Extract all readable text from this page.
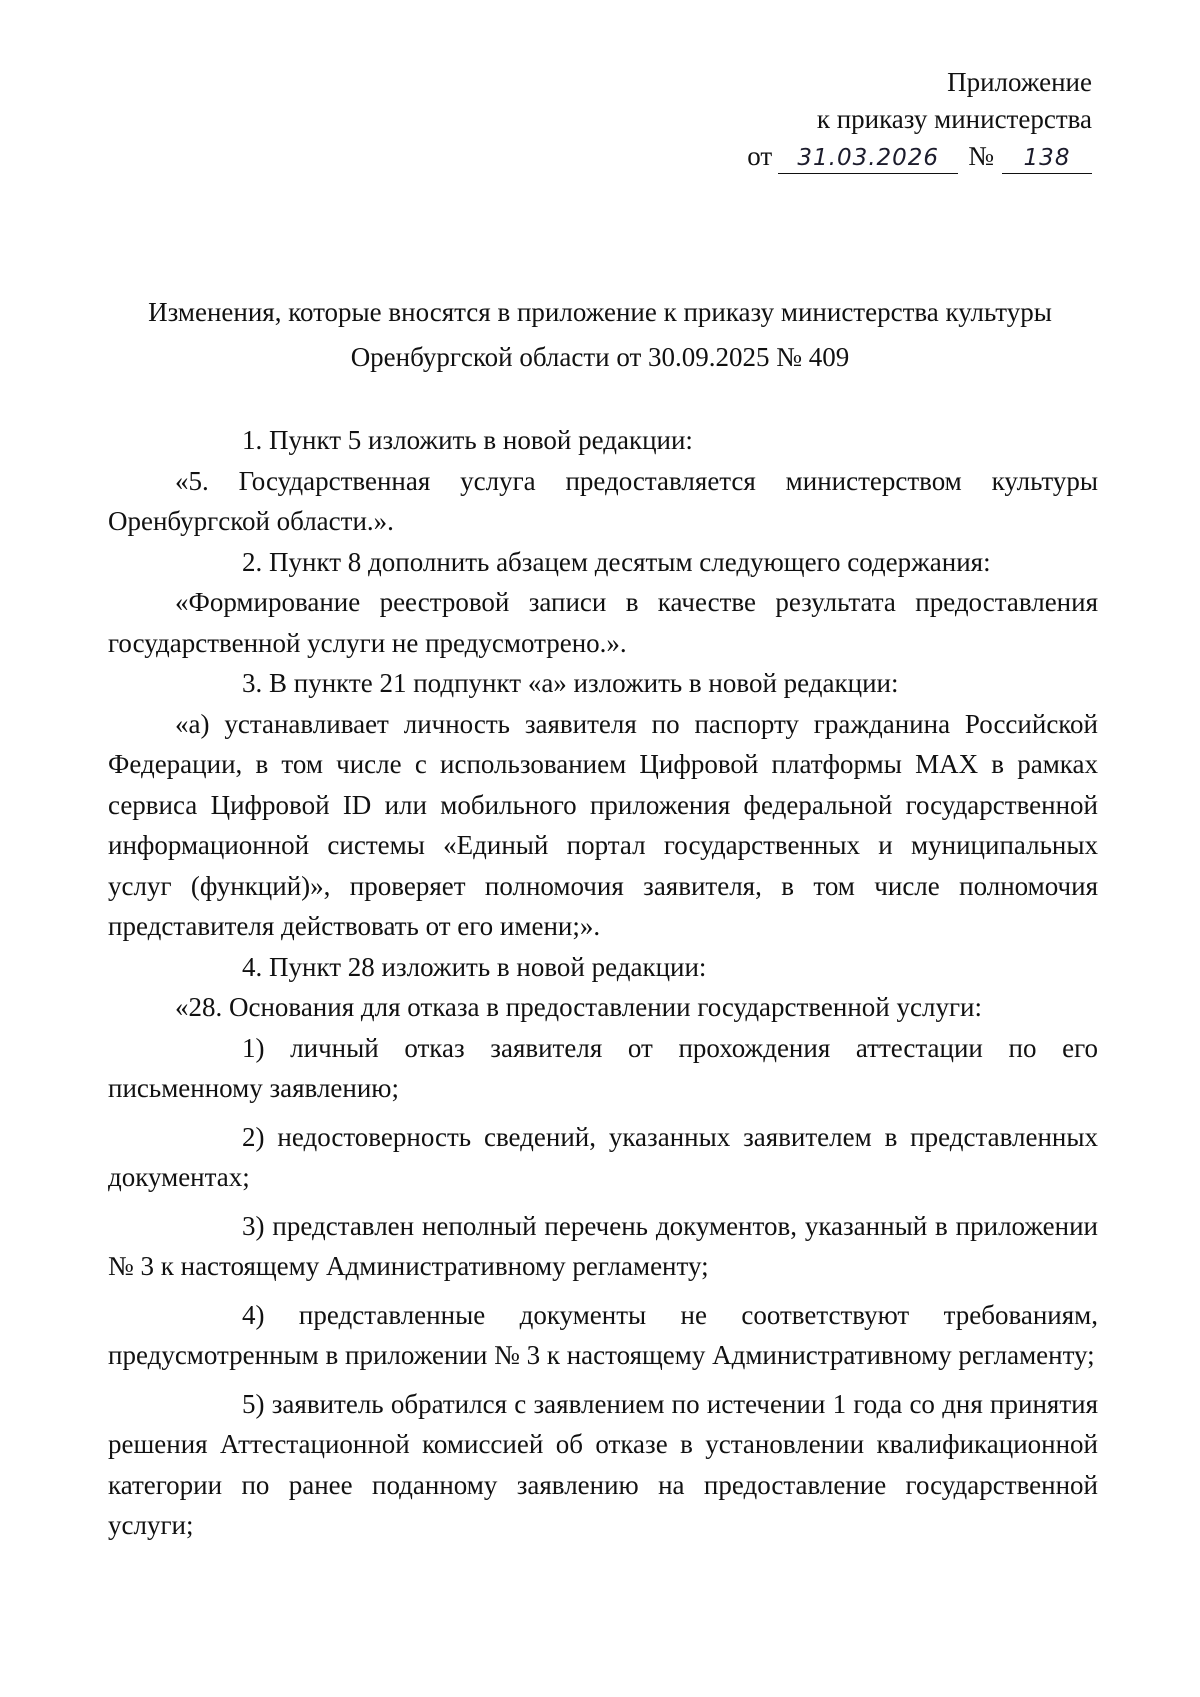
Приложение
к приказу министерства
от 31.03.2026 № 138
Изменения, которые вносятся в приложение к приказу министерства культуры
Оренбургской области от 30.09.2025 № 409

1. Пункт 5 изложить в новой редакции:

«5. Государственная услуга предоставляется министерством культуры Оренбургской области.».

2. Пункт 8 дополнить абзацем десятым следующего содержания:

«Формирование реестровой записи в качестве результата предоставления государственной услуги не предусмотрено.».

3. В пункте 21 подпункт «а» изложить в новой редакции:

«а) устанавливает личность заявителя по паспорту гражданина Российской Федерации, в том числе с использованием Цифровой платформы MAX в рамках сервиса Цифровой ID или мобильного приложения федеральной государственной информационной системы «Единый портал государственных и муниципальных услуг (функций)», проверяет полномочия заявителя, в том числе полномочия представителя действовать от его имени;».

4. Пункт 28 изложить в новой редакции:

«28. Основания для отказа в предоставлении государственной услуги:

1) личный отказ заявителя от прохождения аттестации по его письменному заявлению;

2) недостоверность сведений, указанных заявителем в представленных документах;

3) представлен неполный перечень документов, указанный в приложении № 3 к настоящему Административному регламенту;

4) представленные документы не соответствуют требованиям, предусмотренным в приложении № 3 к настоящему Административному регламенту;

5) заявитель обратился с заявлением по истечении 1 года со дня принятия решения Аттестационной комиссией об отказе в установлении квалификационной категории по ранее поданному заявлению на предоставление государственной услуги;
